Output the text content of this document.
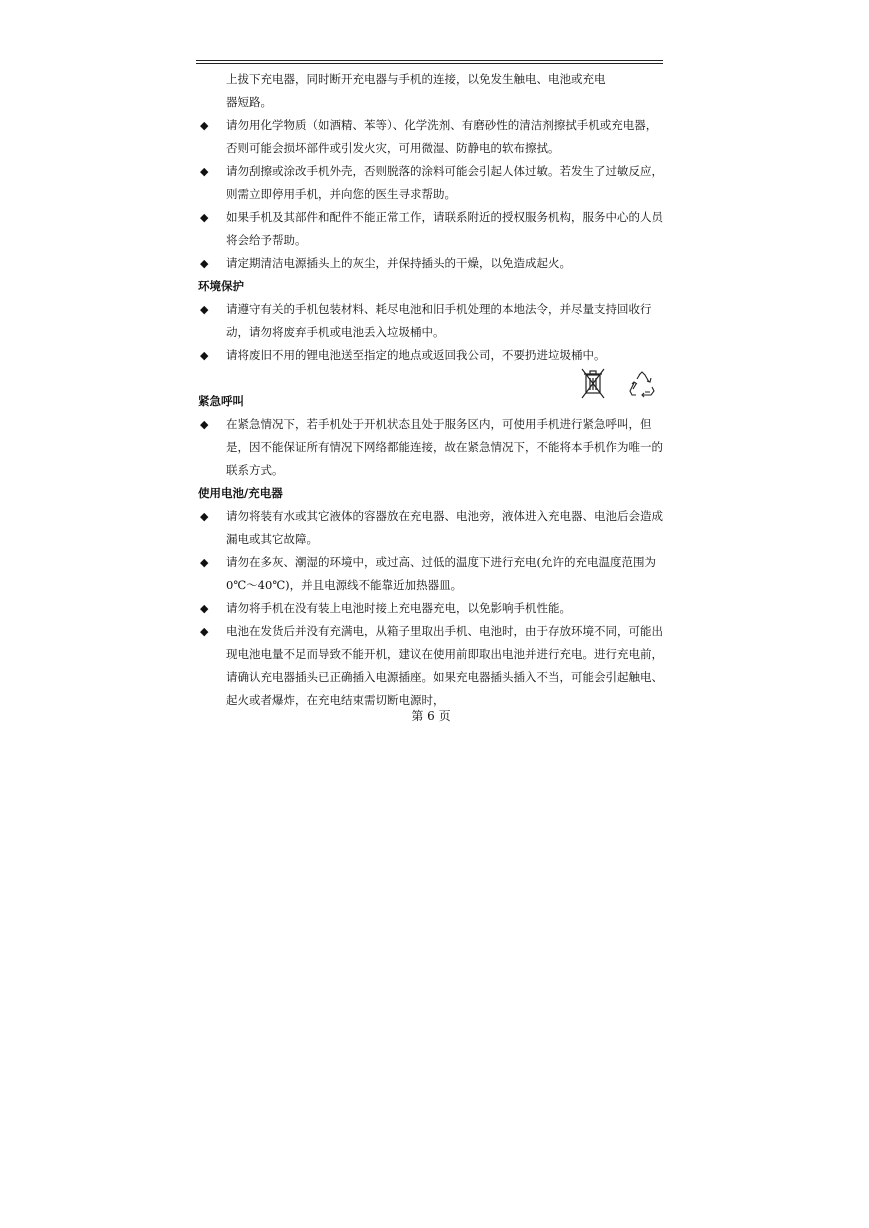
上拔下充电器，同时断开充电器与手机的连接，以免发生触电、电池或充电

器短路。

◆ 请勿用化学物质（如酒精、苯等）、化学洗剂、有磨砂性的清洁剂擦拭手机或充电器，否则可能会损坏部件或引发火灾，可用微湿、防静电的软布擦拭。
◆ 请勿刮擦或涂改手机外壳，否则脱落的涂料可能会引起人体过敏。若发生了过敏反应，则需立即停用手机，并向您的医生寻求帮助。
◆ 如果手机及其部件和配件不能正常工作，请联系附近的授权服务机构，服务中心的人员将会给予帮助。
◆ 请定期清洁电源插头上的灰尘，并保持插头的干燥，以免造成起火。

环境保护

◆ 请遵守有关的手机包装材料、耗尽电池和旧手机处理的本地法令，并尽量支持回收行动，请勿将废弃手机或电池丢入垃圾桶中。
◆ 请将废旧不用的锂电池送至指定的地点或返回我公司，不要扔进垃圾桶中。

紧急呼叫

◆ 在紧急情况下，若手机处于开机状态且处于服务区内，可使用手机进行紧急呼叫，但是，因不能保证所有情况下网络都能连接，故在紧急情况下，不能将本手机作为唯一的联系方式。

使用电池/充电器

◆ 请勿将装有水或其它液体的容器放在充电器、电池旁，液体进入充电器、电池后会造成漏电或其它故障。
◆ 请勿在多灰、潮湿的环境中，或过高、过低的温度下进行充电(允许的充电温度范围为 0℃～40℃)，并且电源线不能靠近加热器皿。
◆ 请勿将手机在没有装上电池时接上充电器充电，以免影响手机性能。
◆ 电池在发货后并没有充满电，从箱子里取出手机、电池时，由于存放环境不同，可能出现电池电量不足而导致不能开机，建议在使用前即取出电池并进行充电。进行充电前，请确认充电器插头已正确插入电源插座。如果充电器插头插入不当，可能会引起触电、起火或者爆炸，在充电结束需切断电源时，
第 6 页
